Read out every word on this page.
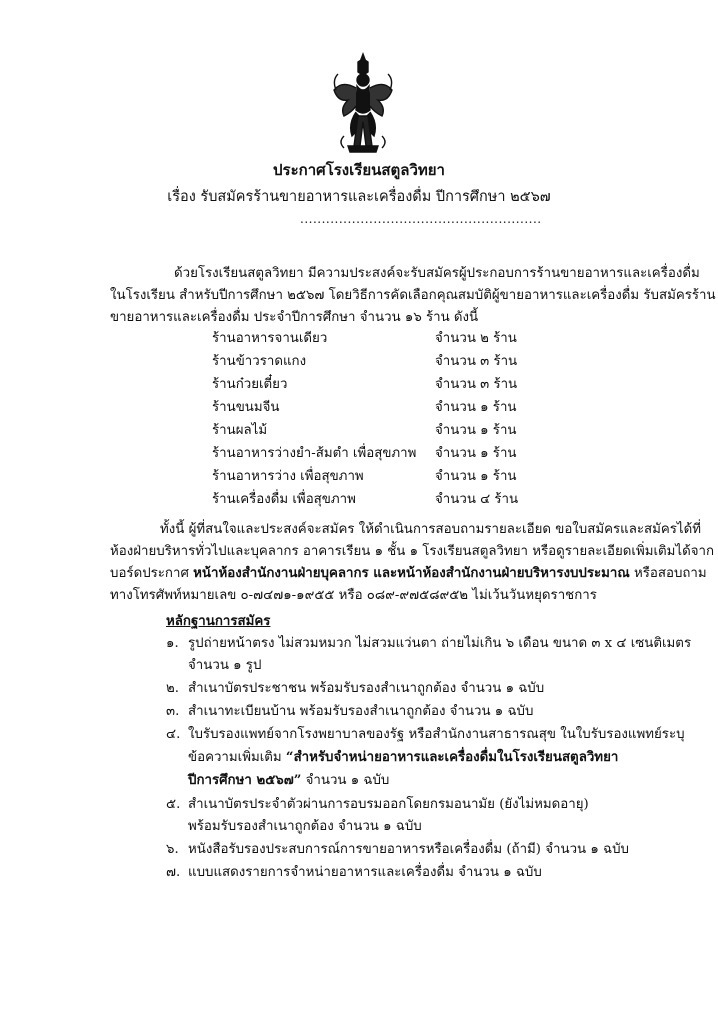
ประกาศโรงเรียนสตูลวิทยา
เรื่อง รับสมัครร้านขายอาหารและเครื่องดื่ม ปีการศึกษา ๒๕๖๗
........................................................
ด้วยโรงเรียนสตูลวิทยา มีความประสงค์จะรับสมัครผู้ประกอบการร้านขายอาหารและเครื่องดื่ม
ในโรงเรียน สำหรับปีการศึกษา ๒๕๖๗ โดยวิธีการคัดเลือกคุณสมบัติผู้ขายอาหารและเครื่องดื่ม รับสมัครร้าน
ขายอาหารและเครื่องดื่ม ประจำปีการศึกษา จำนวน ๑๖ ร้าน ดังนี้
ร้านอาหารจานเดียว	จำนวน ๒ ร้าน
ร้านข้าวราดแกง	จำนวน ๓ ร้าน
ร้านก๋วยเตี๋ยว	จำนวน ๓ ร้าน
ร้านขนมจีน	จำนวน ๑ ร้าน
ร้านผลไม้	จำนวน ๑ ร้าน
ร้านอาหารว่างยำ-ส้มตำ เพื่อสุขภาพ จำนวน ๑ ร้าน
ร้านอาหารว่าง เพื่อสุขภาพ	จำนวน ๑ ร้าน
ร้านเครื่องดื่ม เพื่อสุขภาพ	จำนวน ๔ ร้าน
ทั้งนี้ ผู้ที่สนใจและประสงค์จะสมัคร ให้ดำเนินการสอบถามรายละเอียด ขอใบสมัครและสมัครได้ที่
ห้องฝ่ายบริหารทั่วไปและบุคลากร อาคารเรียน ๑ ชั้น ๑ โรงเรียนสตูลวิทยา หรือดูรายละเอียดเพิ่มเติมได้จาก
บอร์ดประกาศ หน้าห้องสำนักงานฝ่ายบุคลากร และหน้าห้องสำนักงานฝ่ายบริหารงบประมาณ หรือสอบถาม
ทางโทรศัพท์หมายเลข ๐-๗๔๗๑-๑๙๕๕ หรือ ๐๘๙-๙๗๕๘๙๕๒ ไม่เว้นวันหยุดราชการ
หลักฐานการสมัคร
๑. รูปถ่ายหน้าตรง ไม่สวมหมวก ไม่สวมแว่นตา ถ่ายไม่เกิน ๖ เดือน ขนาด ๓ x ๔ เซนติเมตร
จำนวน ๑ รูป
๒. สำเนาบัตรประชาชน พร้อมรับรองสำเนาถูกต้อง จำนวน ๑ ฉบับ
๓. สำเนาทะเบียนบ้าน พร้อมรับรองสำเนาถูกต้อง จำนวน ๑ ฉบับ
๔. ใบรับรองแพทย์จากโรงพยาบาลของรัฐ หรือสำนักงานสาธารณสุข ในใบรับรองแพทย์ระบุ
ข้อความเพิ่มเติม “สำหรับจำหน่ายอาหารและเครื่องดื่มในโรงเรียนสตูลวิทยา
ปีการศึกษา ๒๕๖๗” จำนวน ๑ ฉบับ
๕. สำเนาบัตรประจำตัวผ่านการอบรมออกโดยกรมอนามัย (ยังไม่หมดอายุ)
พร้อมรับรองสำเนาถูกต้อง จำนวน ๑ ฉบับ
๖. หนังสือรับรองประสบการณ์การขายอาหารหรือเครื่องดื่ม (ถ้ามี) จำนวน ๑ ฉบับ
๗. แบบแสดงรายการจำหน่ายอาหารและเครื่องดื่ม จำนวน ๑ ฉบับ
